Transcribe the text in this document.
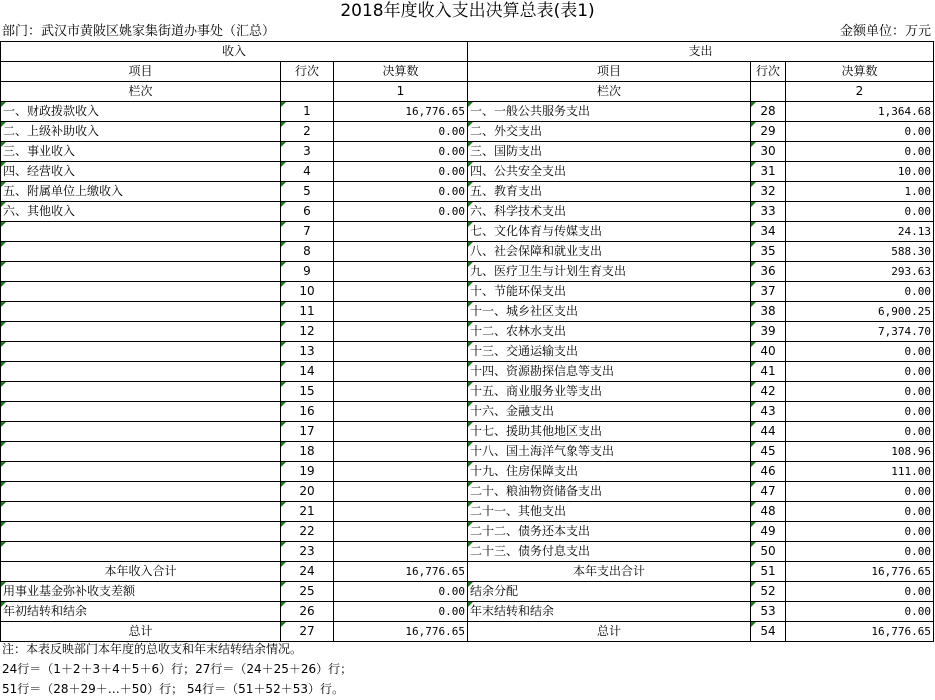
2018年度收入支出决算总表(表1)
部门：武汉市黄陂区姚家集街道办事处（汇总）	金额单位：万元
收入			支出		
项目	行次	决算数	项目	行次	决算数
栏次		1	栏次		2
一、财政拨款收入	1	16,776.65	一、一般公共服务支出	28	1,364.68
二、上级补助收入	2	0.00	二、外交支出	29	0.00
三、事业收入	3	0.00	三、国防支出	30	0.00
四、经营收入	4	0.00	四、公共安全支出	31	10.00
五、附属单位上缴收入	5	0.00	五、教育支出	32	1.00
六、其他收入	6	0.00	六、科学技术支出	33	0.00
	7		七、文化体育与传媒支出	34	24.13
	8		八、社会保障和就业支出	35	588.30
	9		九、医疗卫生与计划生育支出	36	293.63
	10		十、节能环保支出	37	0.00
	11		十一、城乡社区支出	38	6,900.25
	12		十二、农林水支出	39	7,374.70
	13		十三、交通运输支出	40	0.00
	14		十四、资源勘探信息等支出	41	0.00
	15		十五、商业服务业等支出	42	0.00
	16		十六、金融支出	43	0.00
	17		十七、援助其他地区支出	44	0.00
	18		十八、国土海洋气象等支出	45	108.96
	19		十九、住房保障支出	46	111.00
	20		二十、粮油物资储备支出	47	0.00
	21		二十一、其他支出	48	0.00
	22		二十二、债务还本支出	49	0.00
	23		二十三、债务付息支出	50	0.00
本年收入合计	24	16,776.65	本年支出合计	51	16,776.65
用事业基金弥补收支差额	25	0.00	结余分配	52	0.00
年初结转和结余	26	0.00	年末结转和结余	53	0.00
总计	27	16,776.65	总计	54	16,776.65
注：本表反映部门本年度的总收支和年末结转结余情况。
24行＝（1＋2＋3＋4＋5＋6）行；27行＝（24＋25＋26）行；
51行＝（28＋29＋…＋50）行； 54行＝（51＋52＋53）行。
